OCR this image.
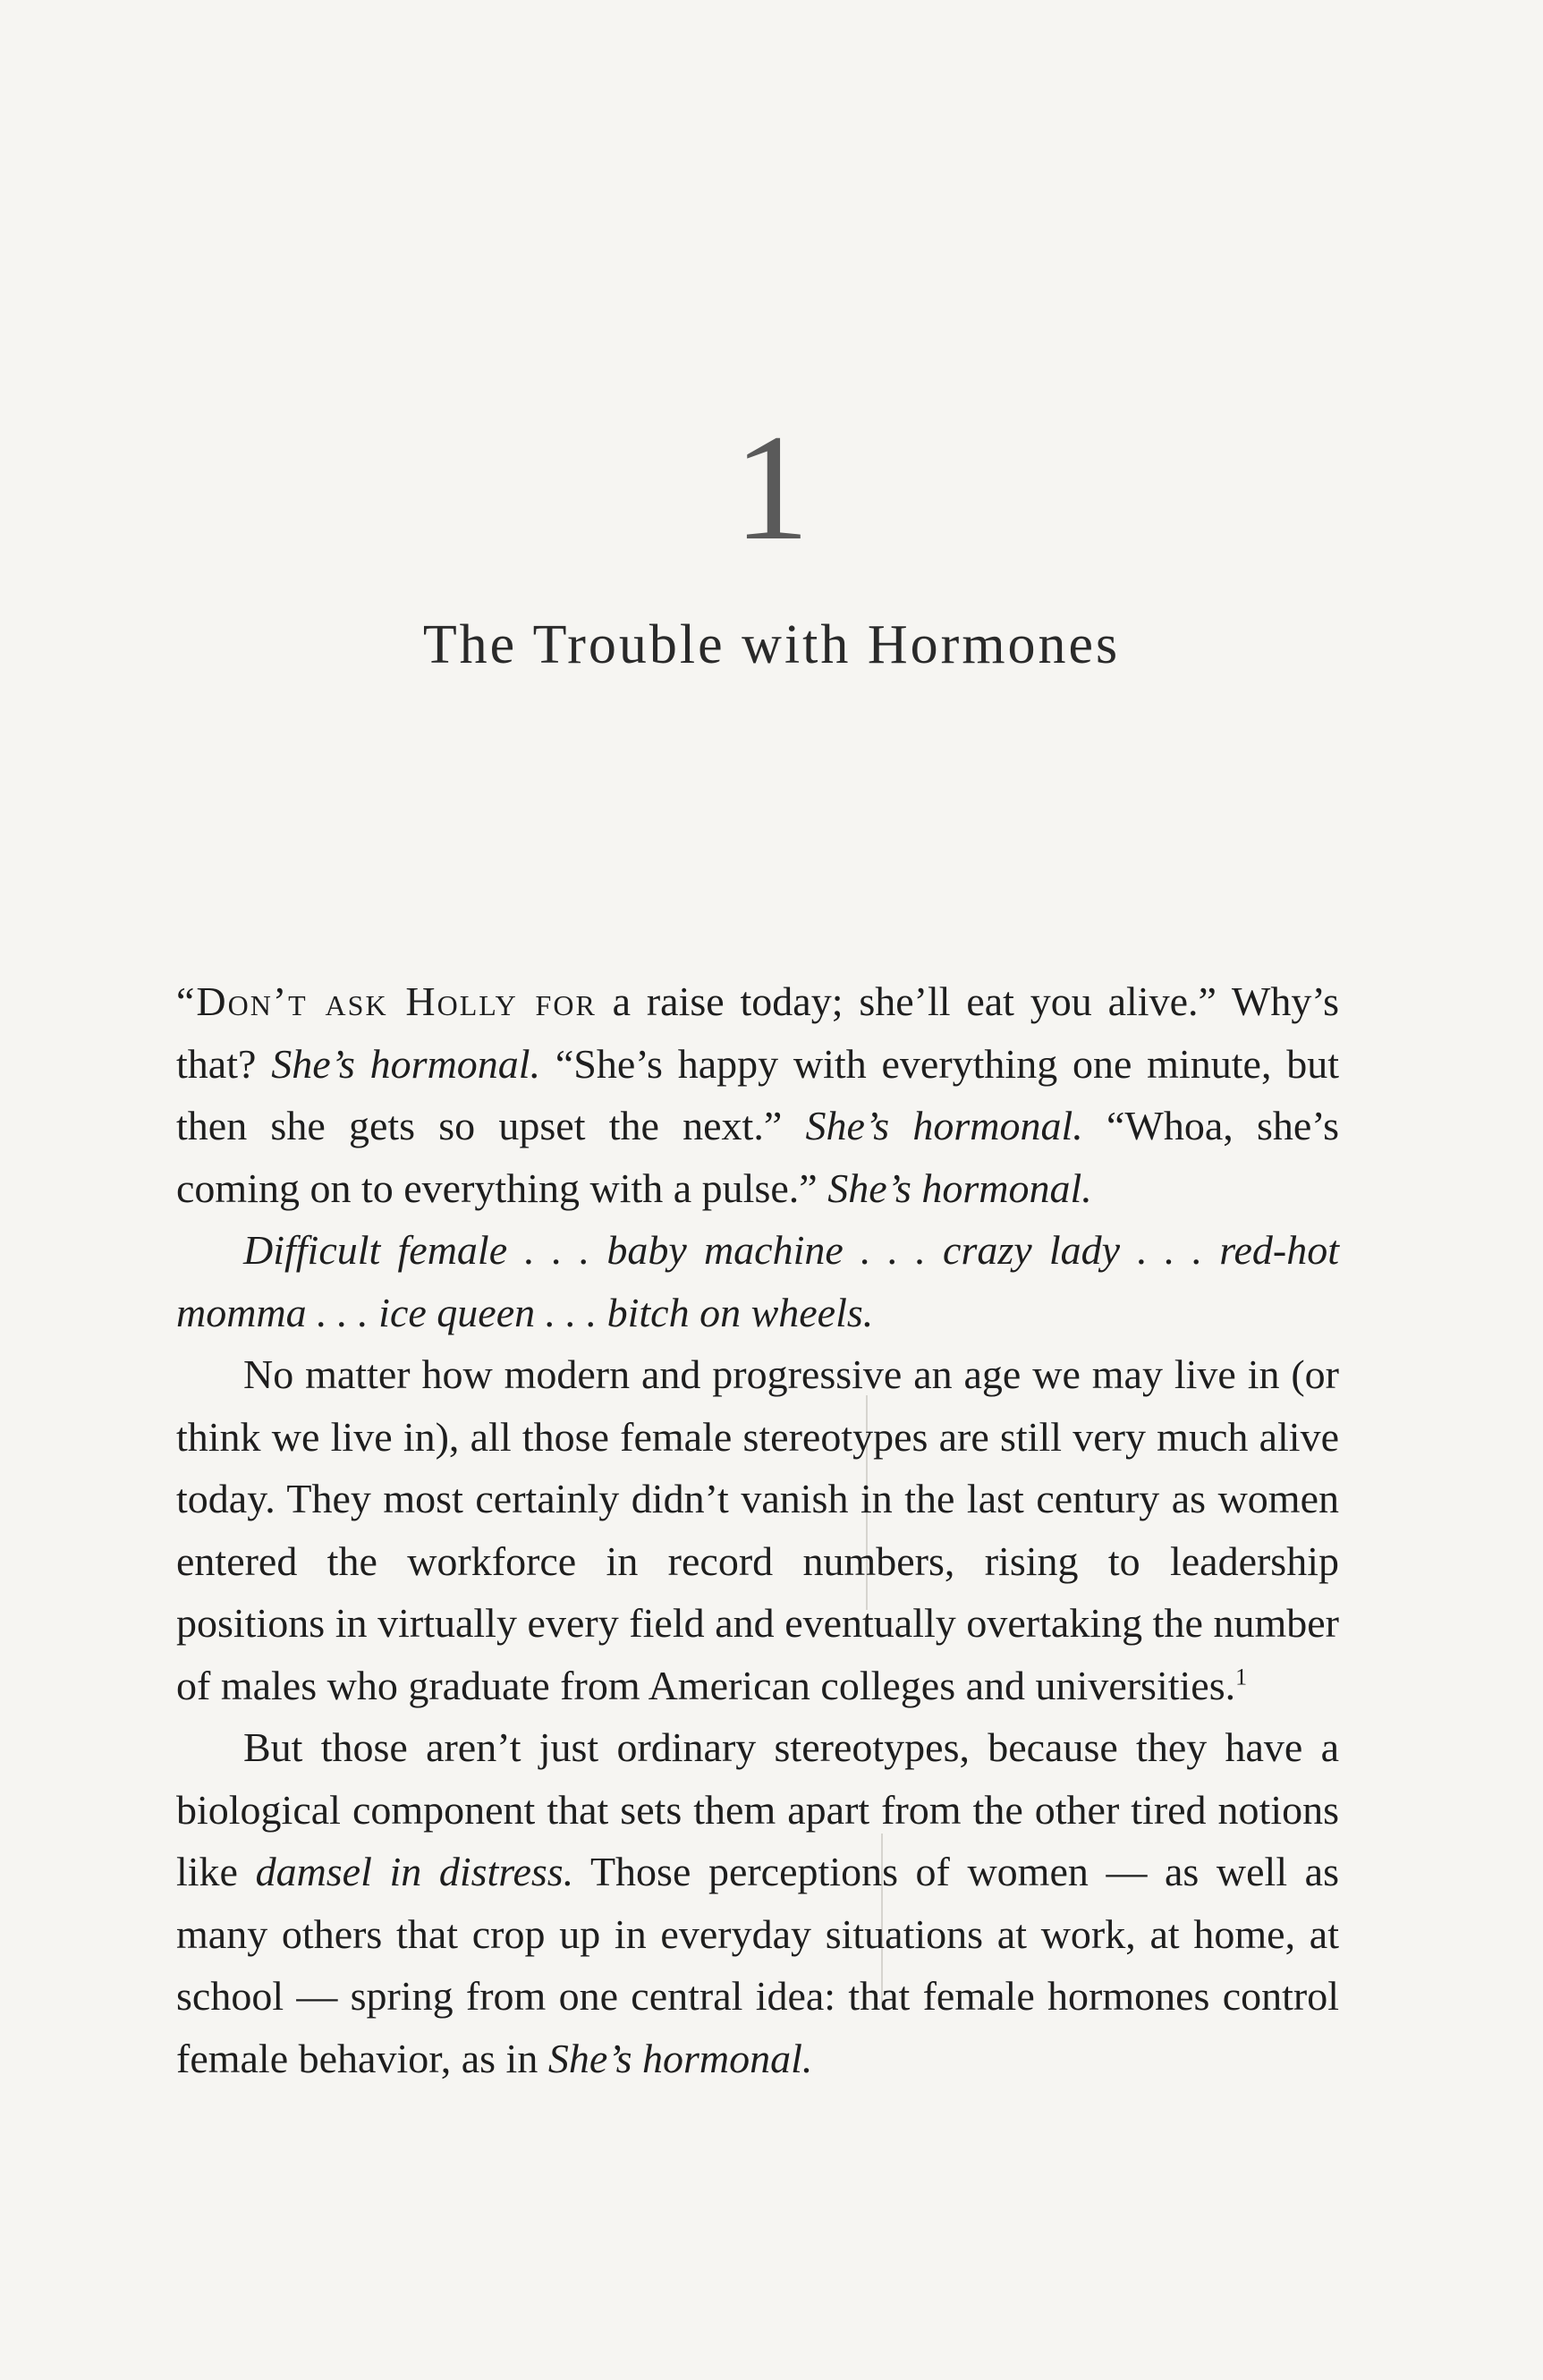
1
The Trouble with Hormones

“Don’t ask Holly for a raise today; she’ll eat you alive.” Why’s that? She’s hormonal. “She’s happy with everything one minute, but then she gets so upset the next.” She’s hormonal. “Whoa, she’s coming on to everything with a pulse.” She’s hormonal.

Difficult female . . . baby machine . . . crazy lady . . . red-hot momma . . . ice queen . . . bitch on wheels.

No matter how modern and progressive an age we may live in (or think we live in), all those female stereotypes are still very much alive today. They most certainly didn’t vanish in the last century as women entered the workforce in record numbers, rising to leadership positions in virtually every field and eventually overtaking the number of males who graduate from American colleges and universities.$^1$

But those aren’t just ordinary stereotypes, because they have a biological component that sets them apart from the other tired notions like damsel in distress. Those perceptions of women — as well as many others that crop up in everyday situations at work, at home, at school — spring from one central idea: that female hormones control female behavior, as in She’s hormonal.
